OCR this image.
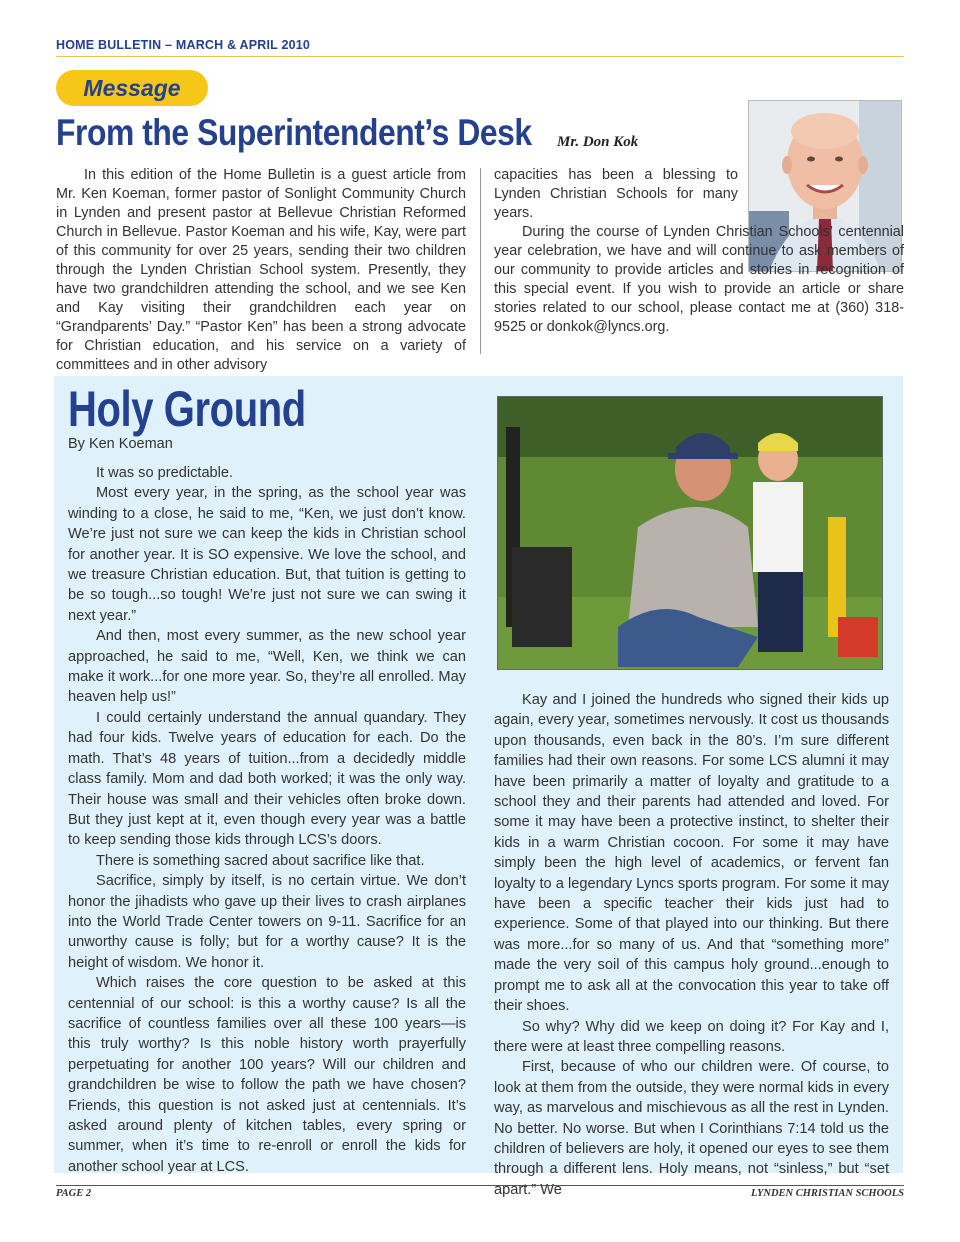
HOME BULLETIN – MARCH & APRIL 2010
Message
From the Superintendent’s Desk Mr. Don Kok

In this edition of the Home Bulletin is a guest article from Mr. Ken Koeman, former pastor of Sonlight Community Church in Lynden and present pastor at Bellevue Christian Reformed Church in Bellevue. Pastor Koeman and his wife, Kay, were part of this community for over 25 years, sending their two children through the Lynden Christian School system. Presently, they have two grandchildren attending the school, and we see Ken and Kay visiting their grandchildren each year on “Grandparents’ Day.” “Pastor Ken” has been a strong advocate for Christian education, and his service on a variety of committees and in other advisory

capacities has been a blessing to Lynden Christian Schools for many years.

During the course of Lynden Christian Schools’ centennial year celebration, we have and will continue to ask members of our community to provide articles and stories in recognition of this special event. If you wish to provide an article or share stories related to our school, please contact me at (360) 318-9525 or donkok@lyncs.org.

Holy Ground
By Ken Koeman

It was so predictable.

Most every year, in the spring, as the school year was winding to a close, he said to me, “Ken, we just don’t know. We’re just not sure we can keep the kids in Christian school for another year. It is SO expensive. We love the school, and we treasure Christian education. But, that tuition is getting to be so tough...so tough! We’re just not sure we can swing it next year.”

And then, most every summer, as the new school year approached, he said to me, “Well, Ken, we think we can make it work...for one more year. So, they’re all enrolled. May heaven help us!”

I could certainly understand the annual quandary. They had four kids. Twelve years of education for each. Do the math. That’s 48 years of tuition...from a decidedly middle class family. Mom and dad both worked; it was the only way. Their house was small and their vehicles often broke down. But they just kept at it, even though every year was a battle to keep sending those kids through LCS’s doors.

There is something sacred about sacrifice like that.

Sacrifice, simply by itself, is no certain virtue. We don’t honor the jihadists who gave up their lives to crash airplanes into the World Trade Center towers on 9-11. Sacrifice for an unworthy cause is folly; but for a worthy cause? It is the height of wisdom. We honor it.

Which raises the core question to be asked at this centennial of our school: is this a worthy cause? Is all the sacrifice of countless families over all these 100 years—is this truly worthy? Is this noble history worth prayerfully perpetuating for another 100 years? Will our children and grandchildren be wise to follow the path we have chosen? Friends, this question is not asked just at centennials. It’s asked around plenty of kitchen tables, every spring or summer, when it’s time to re-enroll or enroll the kids for another school year at LCS.

Kay and I joined the hundreds who signed their kids up again, every year, sometimes nervously. It cost us thousands upon thousands, even back in the 80’s. I’m sure different families had their own reasons. For some LCS alumni it may have been primarily a matter of loyalty and gratitude to a school they and their parents had attended and loved. For some it may have been a protective instinct, to shelter their kids in a warm Christian cocoon. For some it may have simply been the high level of academics, or fervent fan loyalty to a legendary Lyncs sports program. For some it may have been a specific teacher their kids just had to experience. Some of that played into our thinking. But there was more...for so many of us. And that “something more” made the very soil of this campus holy ground...enough to prompt me to ask all at the convocation this year to take off their shoes.

So why? Why did we keep on doing it? For Kay and I, there were at least three compelling reasons.

First, because of who our children were. Of course, to look at them from the outside, they were normal kids in every way, as marvelous and mischievous as all the rest in Lynden. No better. No worse. But when I Corinthians 7:14 told us the children of believers are holy, it opened our eyes to see them through a different lens. Holy means, not “sinless,” but “set apart.” We

PAGE 2	LYNDEN CHRISTIAN SCHOOLS
